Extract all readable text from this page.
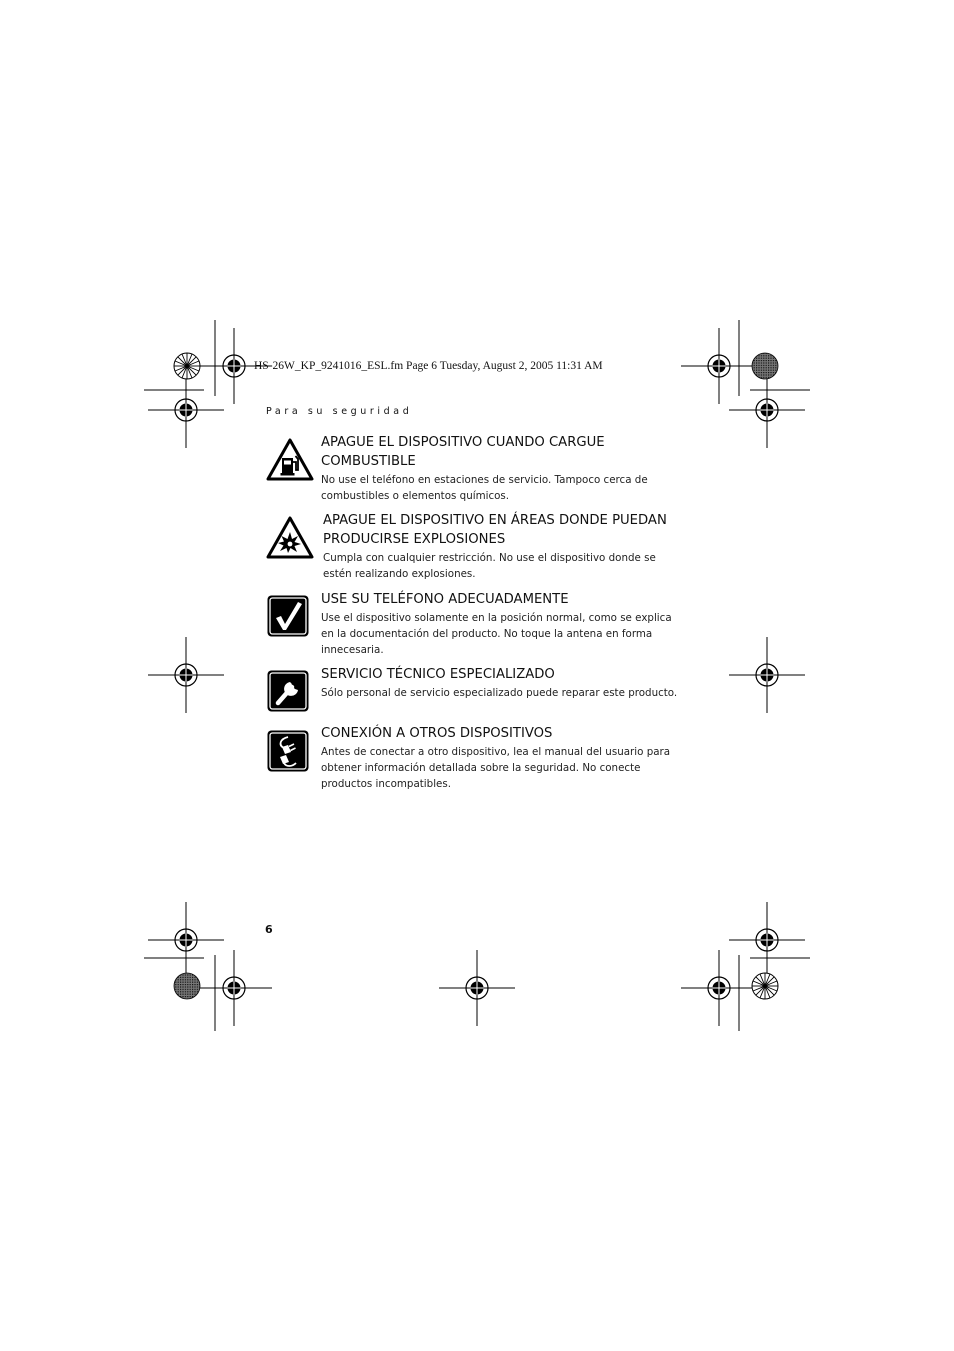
HS-26W_KP_9241016_ESL.fm Page 6 Tuesday, August 2, 2005 11:31 AM
Para su seguridad
APAGUE EL DISPOSITIVO CUANDO CARGUE COMBUSTIBLE

No use el teléfono en estaciones de servicio. Tampoco cerca de combustibles o elementos químicos.

APAGUE EL DISPOSITIVO EN ÁREAS DONDE PUEDAN PRODUCIRSE EXPLOSIONES

Cumpla con cualquier restricción. No use el dispositivo donde se estén realizando explosiones.

USE SU TELÉFONO ADECUADAMENTE

Use el dispositivo solamente en la posición normal, como se explica en la documentación del producto. No toque la antena en forma innecesaria.

SERVICIO TÉCNICO ESPECIALIZADO

Sólo personal de servicio especializado puede reparar este producto.

CONEXIÓN A OTROS DISPOSITIVOS

Antes de conectar a otro dispositivo, lea el manual del usuario para obtener información detallada sobre la seguridad. No conecte productos incompatibles.

6
